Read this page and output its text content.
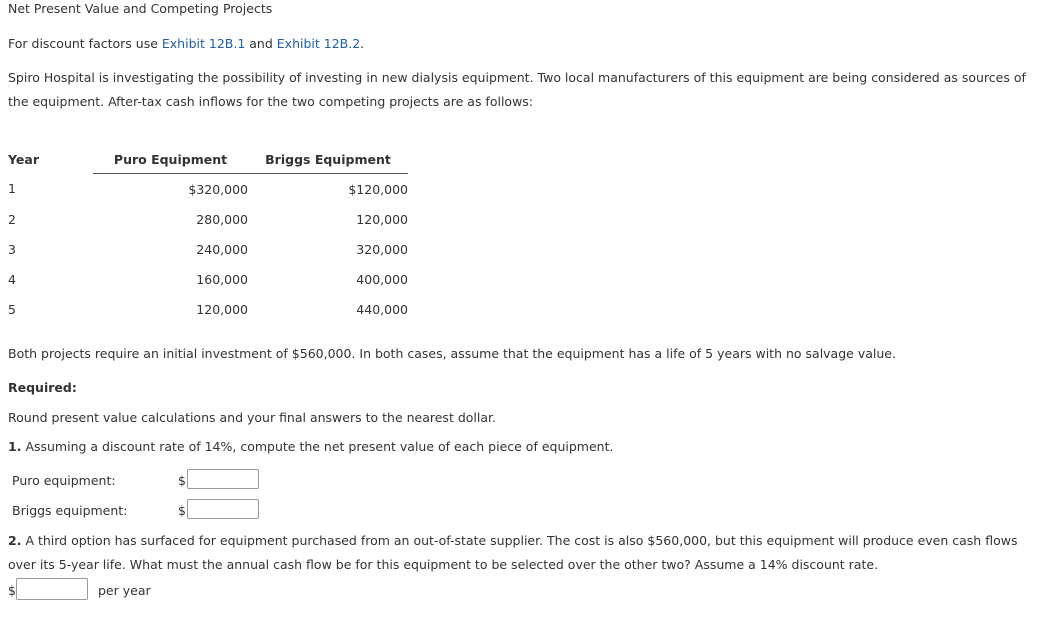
Net Present Value and Competing Projects
For discount factors use Exhibit 12B.1 and Exhibit 12B.2.
Spiro Hospital is investigating the possibility of investing in new dialysis equipment. Two local manufacturers of this equipment are being considered as sources of the equipment. After-tax cash inflows for the two competing projects are as follows:
Year	Puro Equipment	Briggs Equipment
1	$320,000	$120,000
2	280,000	120,000
3	240,000	320,000
4	160,000	400,000
5	120,000	440,000
Both projects require an initial investment of $560,000. In both cases, assume that the equipment has a life of 5 years with no salvage value.
Required:
Round present value calculations and your final answers to the nearest dollar.
1. Assuming a discount rate of 14%, compute the net present value of each piece of equipment.
Puro equipment:	$
Briggs equipment:	$
2. A third option has surfaced for equipment purchased from an out-of-state supplier. The cost is also $560,000, but this equipment will produce even cash flows over its 5-year life. What must the annual cash flow be for this equipment to be selected over the other two? Assume a 14% discount rate.
$	per year
